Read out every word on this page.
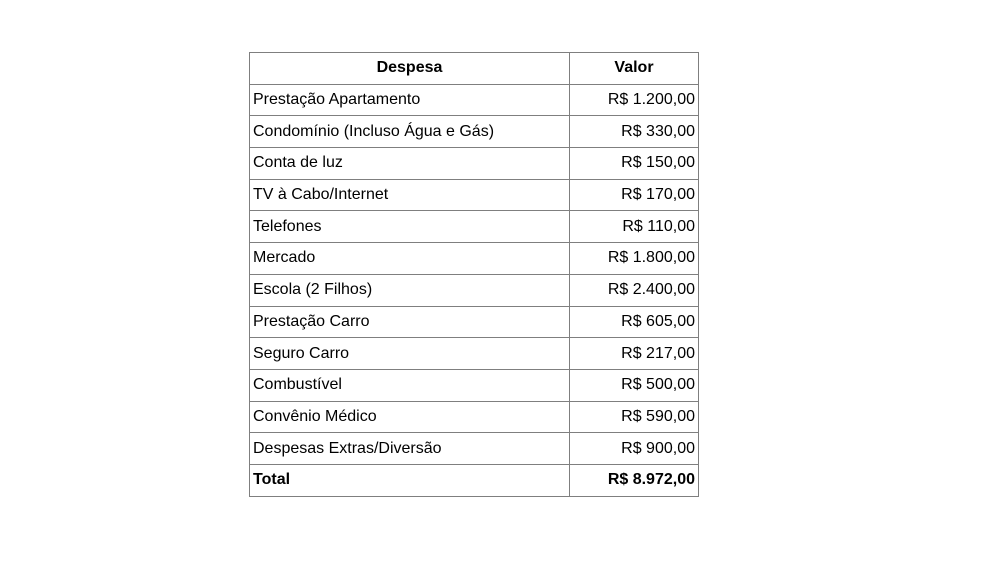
Despesa	Valor
Prestação Apartamento	R$ 1.200,00
Condomínio (Incluso Água e Gás)	R$ 330,00
Conta de luz	R$ 150,00
TV à Cabo/Internet	R$ 170,00
Telefones	R$ 110,00
Mercado	R$ 1.800,00
Escola (2 Filhos)	R$ 2.400,00
Prestação Carro	R$ 605,00
Seguro Carro	R$ 217,00
Combustível	R$ 500,00
Convênio Médico	R$ 590,00
Despesas Extras/Diversão	R$ 900,00
Total	R$ 8.972,00
